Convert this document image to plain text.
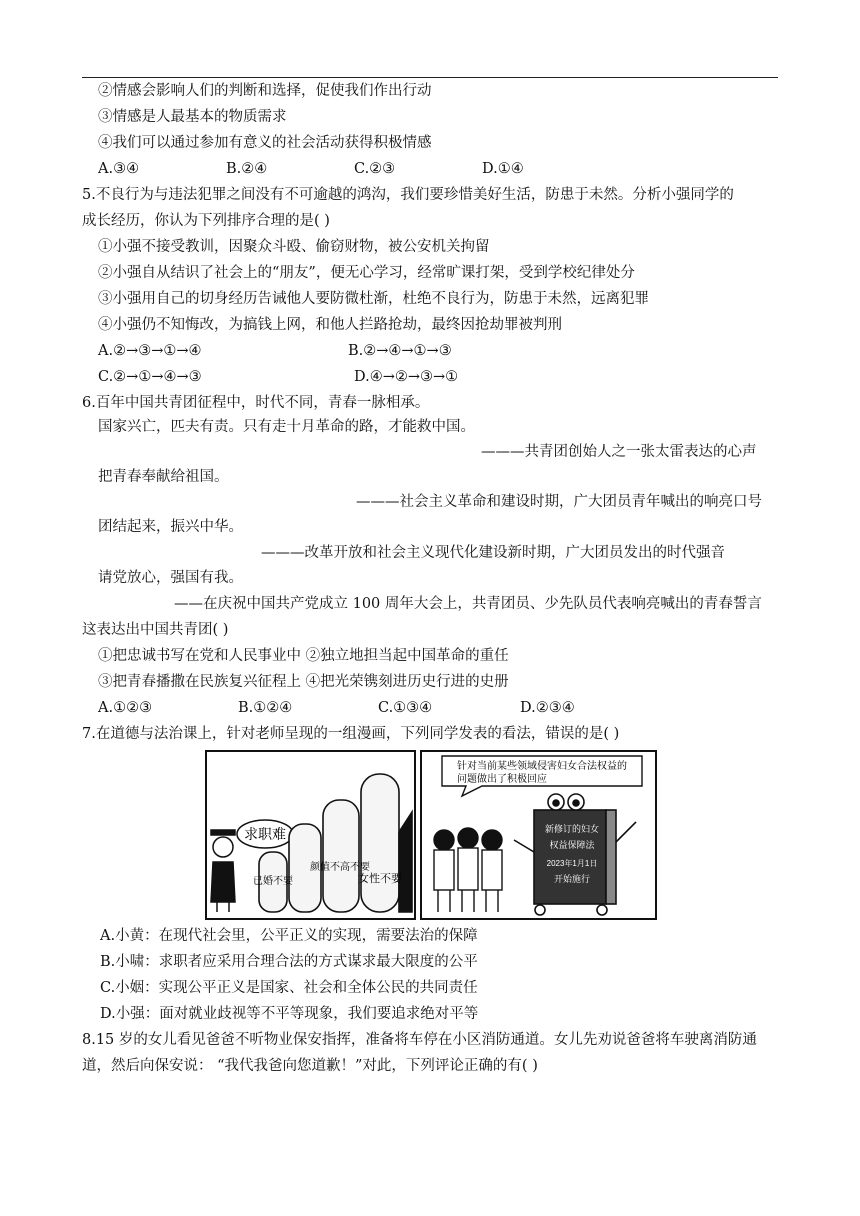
②情感会影响人们的判断和选择，促使我们作出行动
③情感是人最基本的物质需求
④我们可以通过参加有意义的社会活动获得积极情感
A.③④	B.②④	C.②③	D.①④
5.不良行为与违法犯罪之间没有不可逾越的鸿沟，我们要珍惜美好生活，防患于未然。分析小强同学的
成长经历，你认为下列排序合理的是( )
①小强不接受教训，因聚众斗殴、偷窃财物，被公安机关拘留
②小强自从结识了社会上的“朋友”，便无心学习，经常旷课打架，受到学校纪律处分
③小强用自己的切身经历告诫他人要防微杜渐，杜绝不良行为，防患于未然，远离犯罪
④小强仍不知悔改，为搞钱上网，和他人拦路抢劫，最终因抢劫罪被判刑
A.②→③→①→④	B.②→④→①→③
C.②→①→④→③	D.④→②→③→①
6.百年中国共青团征程中，时代不同，青春一脉相承。
国家兴亡，匹夫有责。只有走十月革命的路，才能救中国。
———共青团创始人之一张太雷表达的心声
把青春奉献给祖国。
———社会主义革命和建设时期，广大团员青年喊出的响亮口号
团结起来，振兴中华。
———改革开放和社会主义现代化建设新时期，广大团员发出的时代强音
请党放心，强国有我。
——在庆祝中国共产党成立 100 周年大会上，共青团员、少先队员代表响亮喊出的青春誓言
这表达出中国共青团( )
①把忠诚书写在党和人民事业中 ②独立地担当起中国革命的重任
③把青春播撒在民族复兴征程上 ④把光荣镌刻进历史行进的史册
A.①②③	B.①②④	C.①③④	D.②③④
7.在道德与法治课上，针对老师呈现的一组漫画，下列同学发表的看法，错误的是( )
求职难
已婚不要
颜值不高不要
女性不要
针对当前某些领域侵害妇女合法权益的
问题做出了积极回应
新修订的妇女
权益保障法
2023年1月1日
开始施行
A.小黄：在现代社会里，公平正义的实现，需要法治的保障
B.小啸：求职者应采用合理合法的方式谋求最大限度的公平
C.小姻：实现公平正义是国家、社会和全体公民的共同责任
D.小强：面对就业歧视等不平等现象，我们要追求绝对平等
8.15 岁的女儿看见爸爸不听物业保安指挥，准备将车停在小区消防通道。女儿先劝说爸爸将车驶离消防通
道，然后向保安说： “我代我爸向您道歉！”对此，下列评论正确的有( )
